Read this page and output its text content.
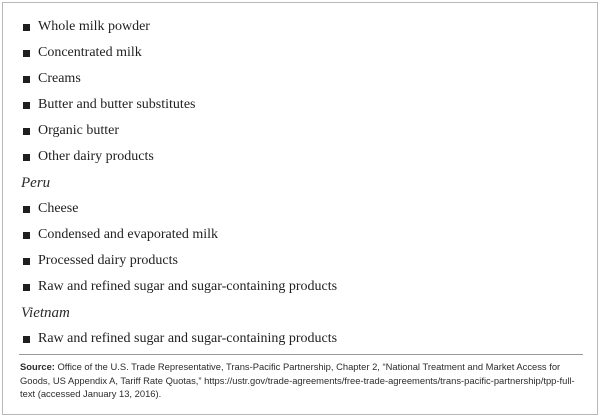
Whole milk powder
Concentrated milk
Creams
Butter and butter substitutes
Organic butter
Other dairy products
Peru
Cheese
Condensed and evaporated milk
Processed dairy products
Raw and refined sugar and sugar-containing products
Vietnam
Raw and refined sugar and sugar-containing products
Source: Office of the U.S. Trade Representative, Trans-Pacific Partnership, Chapter 2, “National Treatment and Market Access for Goods, US Appendix A, Tariff Rate Quotas,” https://ustr.gov/trade-agreements/free-trade-agreements/trans-pacific-partnership/tpp-full-text (accessed January 13, 2016).
